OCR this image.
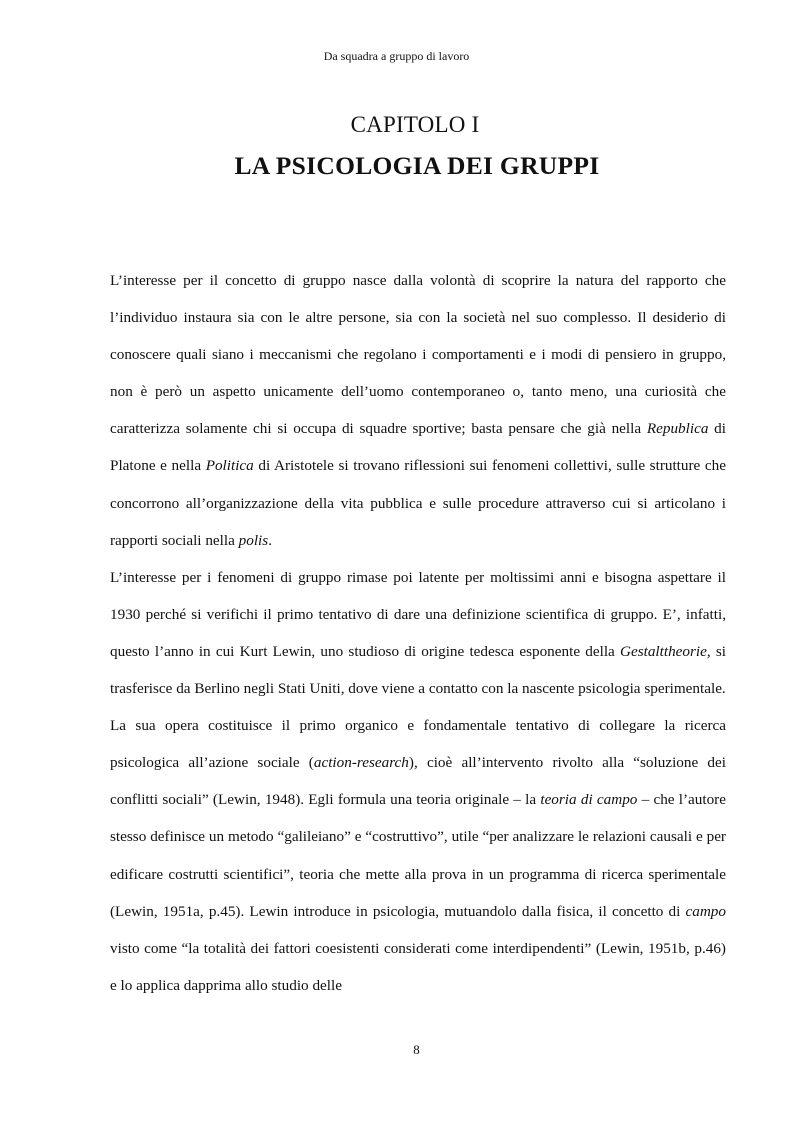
Da squadra a gruppo di lavoro
CAPITOLO I
LA PSICOLOGIA DEI GRUPPI

L’interesse per il concetto di gruppo nasce dalla volontà di scoprire la natura del rapporto che l’individuo instaura sia con le altre persone, sia con la società nel suo complesso. Il desiderio di conoscere quali siano i meccanismi che regolano i comportamenti e i modi di pensiero in gruppo, non è però un aspetto unicamente dell’uomo contemporaneo o, tanto meno, una curiosità che caratterizza solamente chi si occupa di squadre sportive; basta pensare che già nella Republica di Platone e nella Politica di Aristotele si trovano riflessioni sui fenomeni collettivi, sulle strutture che concorrono all’organizzazione della vita pubblica e sulle procedure attraverso cui si articolano i rapporti sociali nella polis.

L’interesse per i fenomeni di gruppo rimase poi latente per moltissimi anni e bisogna aspettare il 1930 perché si verifichi il primo tentativo di dare una definizione scientifica di gruppo. E’, infatti, questo l’anno in cui Kurt Lewin, uno studioso di origine tedesca esponente della Gestalttheorie, si trasferisce da Berlino negli Stati Uniti, dove viene a contatto con la nascente psicologia sperimentale.

La sua opera costituisce il primo organico e fondamentale tentativo di collegare la ricerca psicologica all’azione sociale (action-research), cioè all’intervento rivolto alla “soluzione dei conflitti sociali” (Lewin, 1948). Egli formula una teoria originale – la teoria di campo – che l’autore stesso definisce un metodo “galileiano” e “costruttivo”, utile “per analizzare le relazioni causali e per edificare costrutti scientifici”, teoria che mette alla prova in un programma di ricerca sperimentale (Lewin, 1951a, p.45). Lewin introduce in psicologia, mutuandolo dalla fisica, il concetto di campo visto come “la totalità dei fattori coesistenti considerati come interdipendenti” (Lewin, 1951b, p.46) e lo applica dapprima allo studio delle

8
